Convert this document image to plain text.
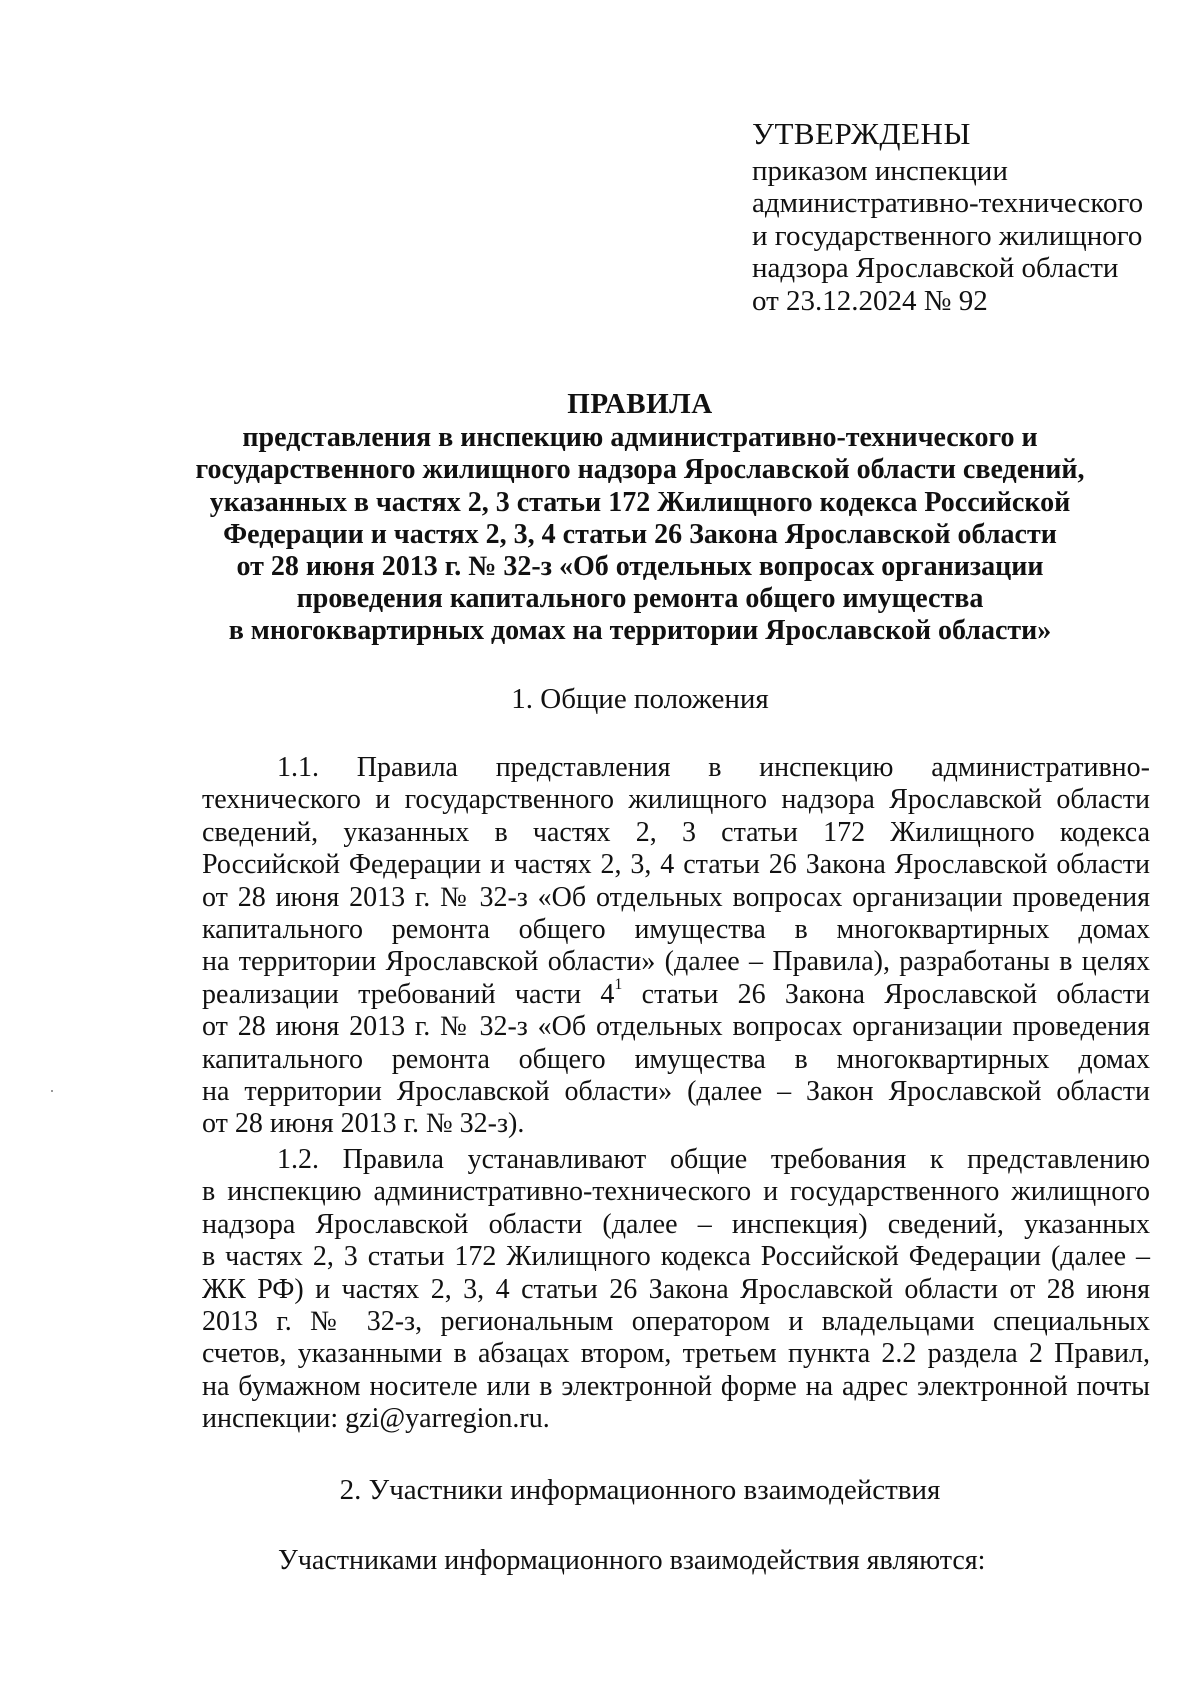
УТВЕРЖДЕНЫ
приказом инспекции
административно-технического
и государственного жилищного
надзора Ярославской области
от 23.12.2024 № 92
ПРАВИЛА
представления в инспекцию административно-технического и
государственного жилищного надзора Ярославской области сведений,
указанных в частях 2, 3 статьи 172 Жилищного кодекса Российской
Федерации и частях 2, 3, 4 статьи 26 Закона Ярославской области
от 28 июня 2013 г. № 32-з «Об отдельных вопросах организации
проведения капитального ремонта общего имущества
в многоквартирных домах на территории Ярославской области»
1. Общие положения
1.1. Правила представления в инспекцию административно-
технического и государственного жилищного надзора Ярославской области
сведений, указанных в частях 2, 3 статьи 172 Жилищного кодекса
Российской Федерации и частях 2, 3, 4 статьи 26 Закона Ярославской области
от 28 июня 2013 г. № 32-з «Об отдельных вопросах организации проведения
капитального ремонта общего имущества в многоквартирных домах
на территории Ярославской области» (далее – Правила), разработаны в целях
реализации требований части $4^1$ статьи 26 Закона Ярославской области
от 28 июня 2013 г. № 32-з «Об отдельных вопросах организации проведения
капитального ремонта общего имущества в многоквартирных домах
на территории Ярославской области» (далее – Закон Ярославской области
от 28 июня 2013 г. № 32-з).
1.2. Правила устанавливают общие требования к представлению
в инспекцию административно-технического и государственного жилищного
надзора Ярославской области (далее – инспекция) сведений, указанных
в частях 2, 3 статьи 172 Жилищного кодекса Российской Федерации (далее –
ЖК РФ) и частях 2, 3, 4 статьи 26 Закона Ярославской области от 28 июня
2013 г. № 32-з, региональным оператором и владельцами специальных
счетов, указанными в абзацах втором, третьем пункта 2.2 раздела 2 Правил,
на бумажном носителе или в электронной форме на адрес электронной почты
инспекции: gzi@yarregion.ru.
2. Участники информационного взаимодействия
Участниками информационного взаимодействия являются:
